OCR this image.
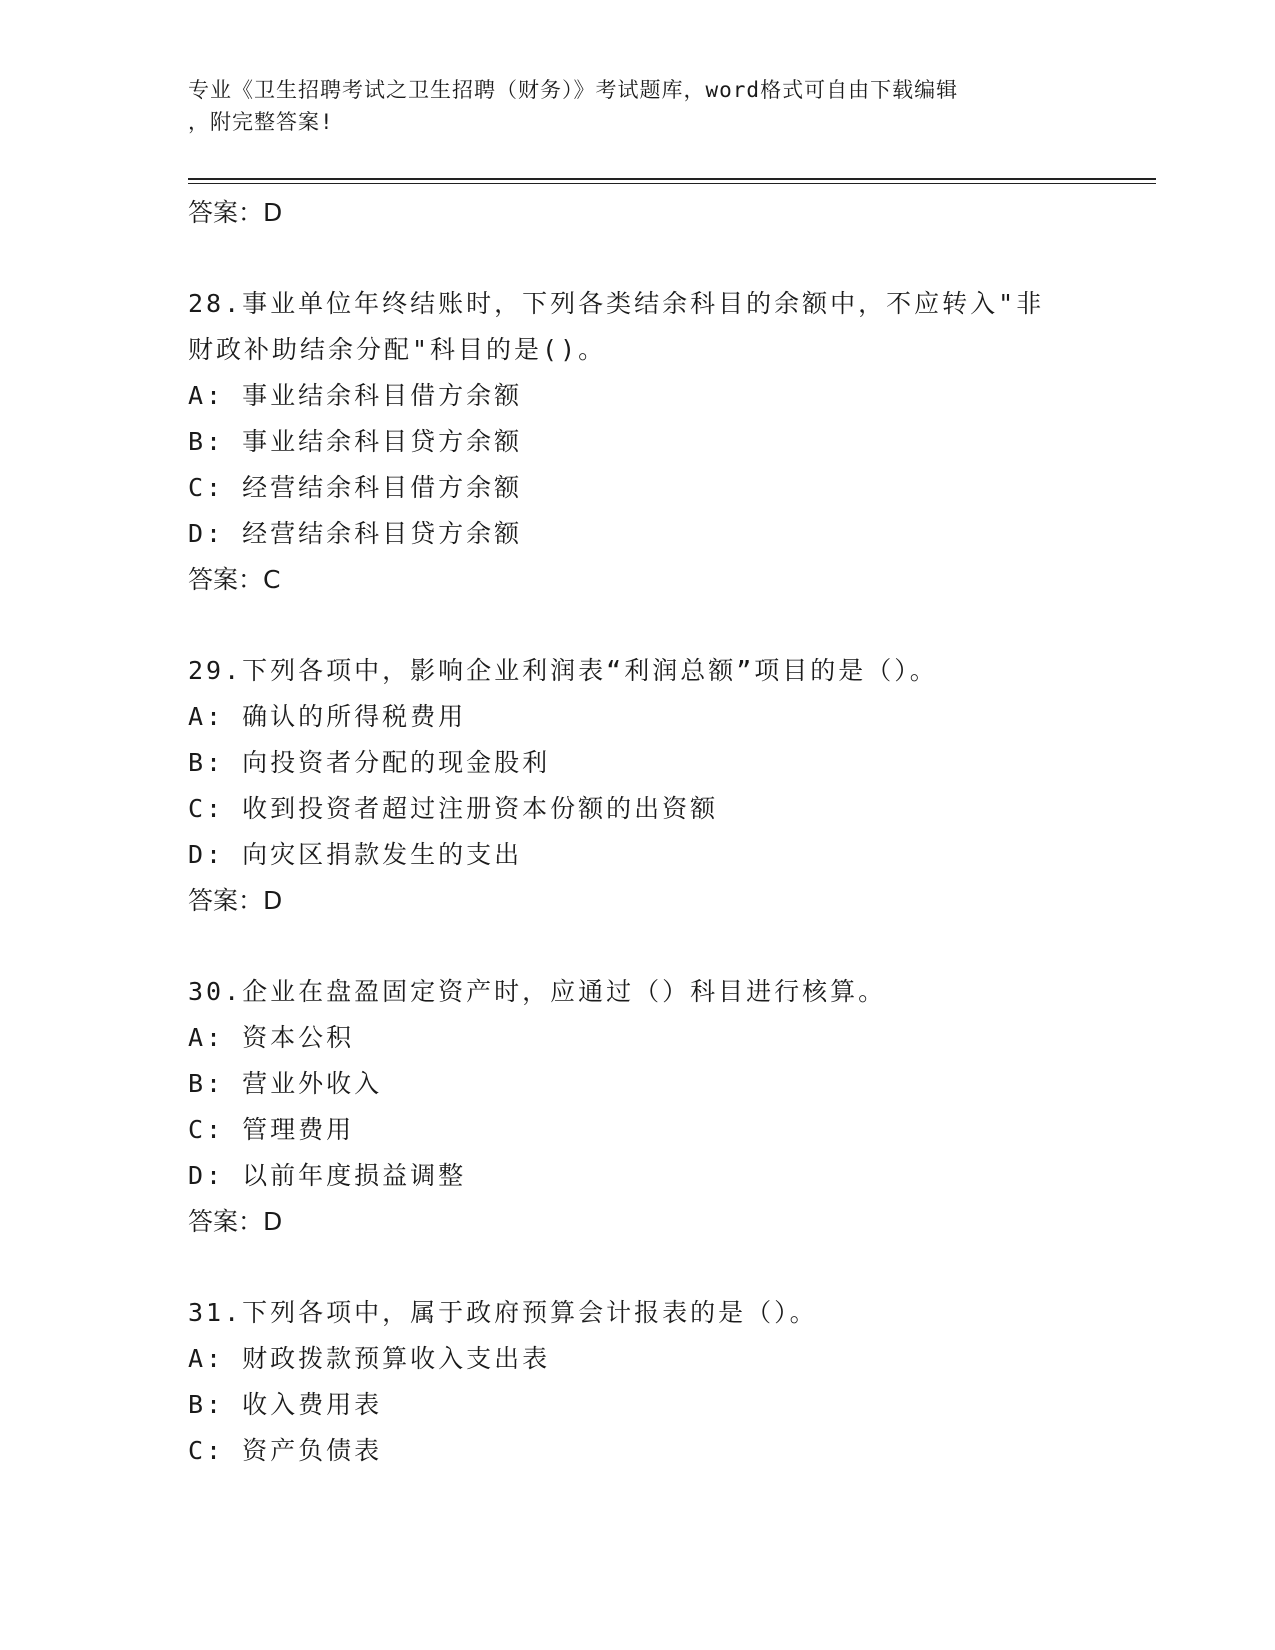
专业《卫生招聘考试之卫生招聘（财务）》考试题库，word格式可自由下载编辑
，附完整答案!
答案：D
28.事业单位年终结账时，下列各类结余科目的余额中，不应转入"非
财政补助结余分配"科目的是()。
A: 事业结余科目借方余额
B: 事业结余科目贷方余额
C: 经营结余科目借方余额
D: 经营结余科目贷方余额
答案：C
29.下列各项中，影响企业利润表“利润总额”项目的是（）。
A: 确认的所得税费用
B: 向投资者分配的现金股利
C: 收到投资者超过注册资本份额的出资额
D: 向灾区捐款发生的支出
答案：D
30.企业在盘盈固定资产时，应通过（）科目进行核算。
A: 资本公积
B: 营业外收入
C: 管理费用
D: 以前年度损益调整
答案：D
31.下列各项中，属于政府预算会计报表的是（）。
A: 财政拨款预算收入支出表
B: 收入费用表
C: 资产负债表
